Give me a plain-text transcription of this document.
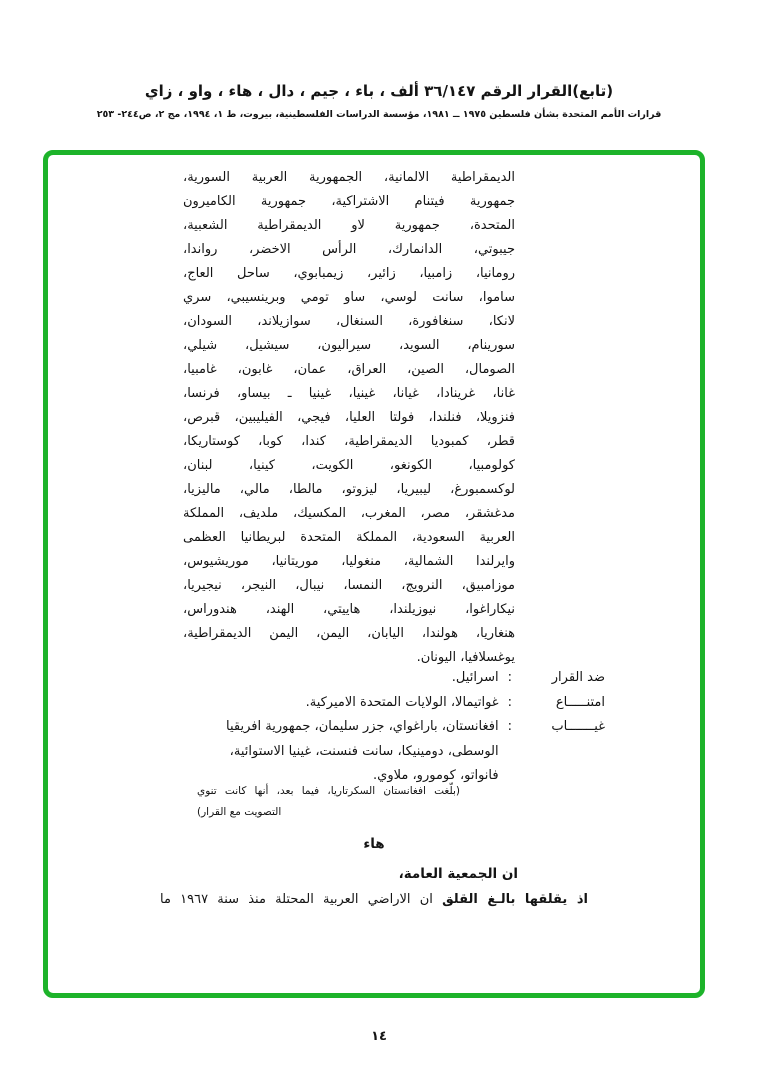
(تابع)القرار الرقم ٣٦/١٤٧ ألف ، باء ، جيم ، دال ، هاء ، واو ، زاي
قرارات الأمم المتحدة بشأن فلسطين ١٩٧٥ ــ ١٩٨١، مؤسسة الدراسات الفلسطينية، بيروت، ط ١، ١٩٩٤، مج ٢، ص٢٤٤- ٢٥٣
الديمقراطية الالمانية، الجمهورية العربية السورية،
جمهورية فيتنام الاشتراكية، جمهورية الكاميرون
المتحدة، جمهورية لاو الديمقراطية الشعبية،
جيبوتي، الدانمارك، الرأس الاخضر، رواندا،
رومانيا، زامبيا، زائير، زيمبابوي، ساحل العاج،
ساموا، سانت لوسي، ساو تومي وبرينسيبي، سري
لانكا، سنغافورة، السنغال، سوازيلاند، السودان،
سورينام، السويد، سيراليون، سيشيل، شيلي،
الصومال، الصين، العراق، عمان، غابون، غامبيا،
غانا، غرينادا، غيانا، غينيا، غينيا ـ بيساو، فرنسا،
فنزويلا، فنلندا، فولتا العليا، فيجي، الفيليبين، قبرص،
قطر، كمبوديا الديمقراطية، كندا، كوبا، كوستاريكا،
كولومبيا، الكونغو، الكويت، كينيا، لبنان،
لوكسمبورغ، ليبيريا، ليزوتو، مالطا، مالي، ماليزيا،
مدغشقر، مصر، المغرب، المكسيك، ملديف، المملكة
العربية السعودية، المملكة المتحدة لبريطانيا العظمى
وايرلندا الشمالية، منغوليا، موريتانيا، موريشيوس،
موزامبيق، النرويج، النمسا، نيبال، النيجر، نيجيريا،
نيكاراغوا، نيوزيلندا، هاييتي، الهند، هندوراس،
هنغاريا، هولندا، اليابان، اليمن، اليمن الديمقراطية،
يوغسلافيا، اليونان.
ضد القرار
:
اسرائيل.
امتنـــــاع
:
غواتيمالا، الولايات المتحدة الاميركية.
غيـــــــاب
:
افغانستان، باراغواي، جزر سليمان، جمهورية افريقيا
الوسطى، دومينيكا، سانت فنسنت، غينيا الاستوائية،
فانواتو، كومورو، ملاوي.
(بلّغت افغانستان السكرتاريا، فيما بعد، أنها كانت تنوي
التصويت مع القرار)
هاء
ان الجمعية العامة،
اذ يقلقها بالـغ القلق ان الاراضي العربية المحتلة منذ سنة ١٩٦٧ ما
١٤
